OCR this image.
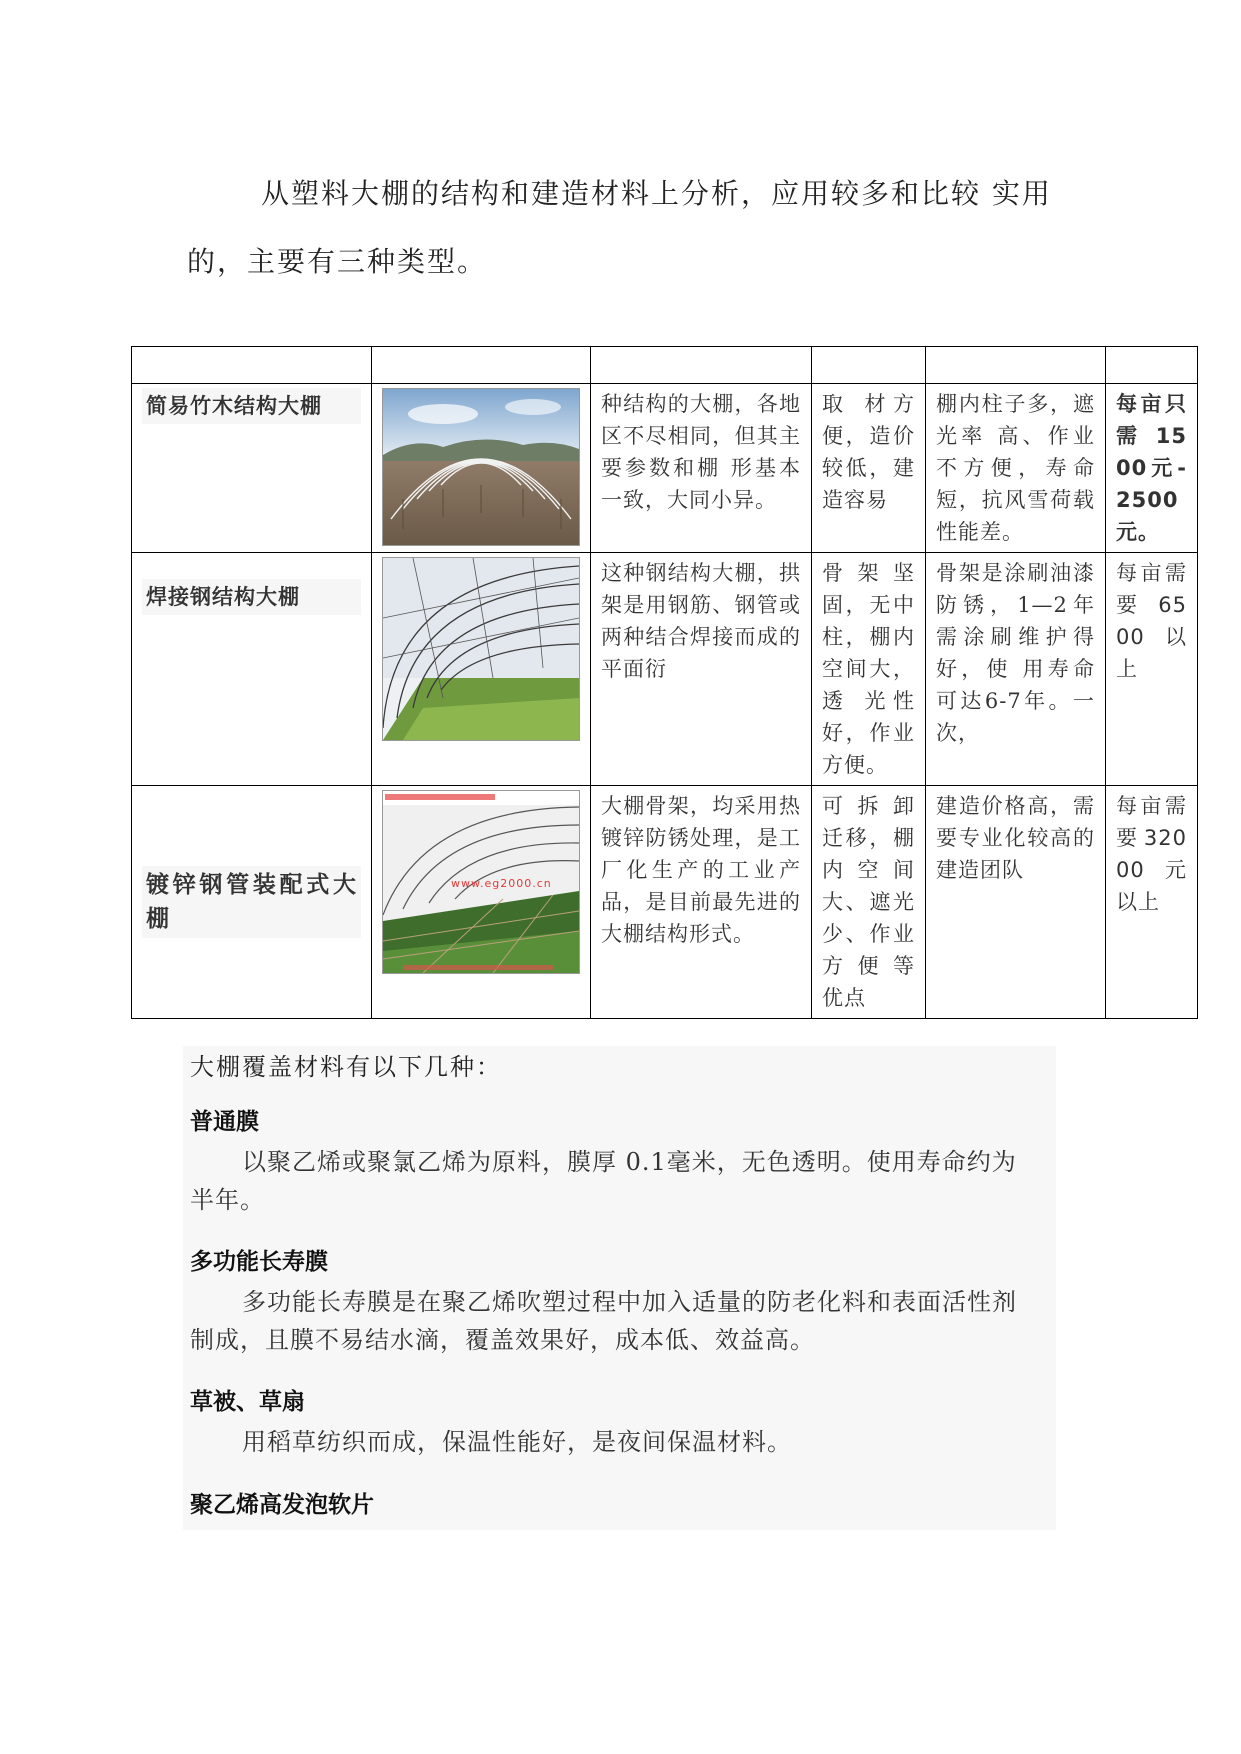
从塑料大棚的结构和建造材料上分析，应用较多和比较 实用的，主要有三种类型。

简易竹木结构大棚		种结构的大棚，各地区不尽相同，但其主要参数和棚 形基本一致，大同小异。	取 材方便，造价较低，建造容易	棚内柱子多，遮光率 高、作业不方便，寿命短，抗风雪荷载性能差。	每亩只需 1500元-2500元。

焊接钢结构大棚		这种钢结构大棚，拱架是用钢筋、钢管或两种结合焊接而成的平面衍	骨 架 坚固，无中柱，棚内空间大，透 光性好，作业方便。	骨架是涂刷油漆防锈，1—2年需涂刷维护得好，使 用寿命可达6-7年。一次，	每亩需要 6500以上

镀锌钢管装配式大棚	www.eg2000.cn	大棚骨架，均采用热镀锌防锈处理，是工厂化生产的工业产品，是目前最先进的大棚结构形式。	可 拆 卸迁移，棚内 空 间大、遮光少、作业方 便 等优点	建造价格高，需要专业化较高的建造团队	每亩需要32000元以上

大棚覆盖材料有以下几种：

普通膜

以聚乙烯或聚氯乙烯为原料，膜厚 0.1毫米，无色透明。使用寿命约为半年。

多功能长寿膜

多功能长寿膜是在聚乙烯吹塑过程中加入适量的防老化料和表面活性剂制成，且膜不易结水滴，覆盖效果好，成本低、效益高。

草被、草扇

用稻草纺织而成，保温性能好，是夜间保温材料。

聚乙烯高发泡软片
